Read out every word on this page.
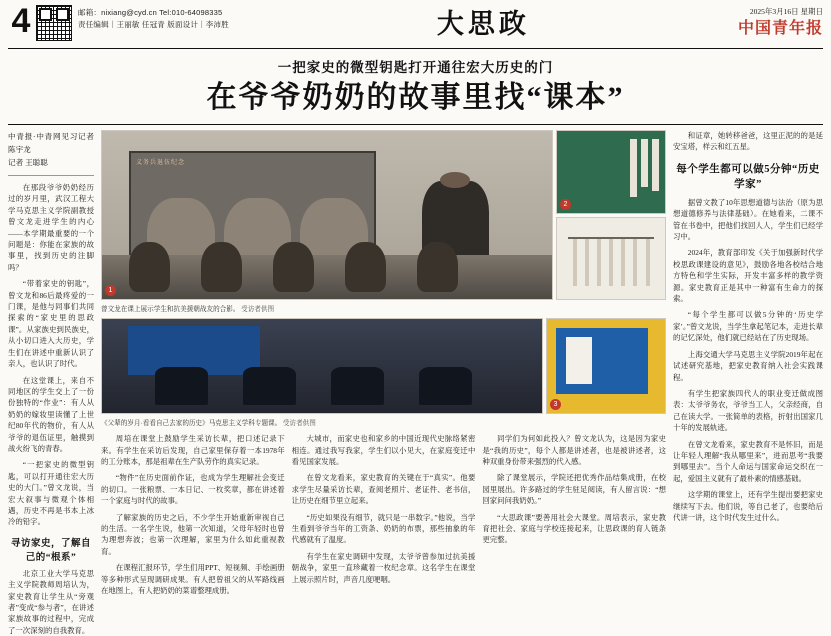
4	邮箱：nixiang@cyd.cn Tel:010-64098335
责任编辑｜王丽敏 任冠青 版面设计｜李沛胜	大思政	2025年3月16日 星期日
中国青年报
一把家史的微型钥匙打开通往宏大历史的门
在爷爷奶奶的故事里找“课本”
中青报·中青网见习记者 陈宇龙
记者 王聪聪

在那段爷爷奶奶经历过的岁月里，武汉工程大学马克思主义学院副教授曾文龙走进学生的内心——本学期最重要的一个问题是：你能在家族的故事里，找到历史的注脚吗？

“带着家史的钥匙”，曾文龙和86后最疼爱的一门课，是他与同事们共同探索的“家史里的思政课”。从家族史到民族史，从小切口进入大历史，学生们在讲述中重新认识了亲人，也认识了时代。

在这堂课上，来自不同地区的学生交上了一份份独特的“作业”：有人从奶奶的嫁妆里读懂了上世纪80年代的物价，有人从爷爷的退伍证里，触摸到战火纷飞的青春。

“一把家史的微型钥匙，可以打开通往宏大历史的大门。”曾文龙说，当宏大叙事与微观个体相遇，历史不再是书本上冰冷的铅字。

寻访家史，了解自己的“根系”

北京工业大学马克思主义学院教师周培认为，家史教育让学生从“旁观者”变成“参与者”，在讲述家族故事的过程中，完成了一次深刻的自我教育。

义务兵退伍纪念
1
2
曾文龙在课上展示学生和抗美援朝战友的合影。 受访者供图
3
《父辈的岁月·看看自己去家的历史》马克思主义学科专题课。 受访者供图

周培在课堂上鼓励学生采访长辈，把口述记录下来。有学生在采访后发现，自己家里保存着一本1978年的工分账本，那是祖辈在生产队劳作的真实记录。

“物件”在历史面前作证，也成为学生理解社会变迁的切口。一张粮票、一本日记、一枚奖章，都在讲述着一个家庭与时代的故事。

了解家族的历史之后，不少学生开始重新审视自己的生活。一名学生说，他第一次知道，父母年轻时也曾为理想奔波；也第一次理解，家里为什么如此重视教育。

在课程汇报环节，学生们用PPT、短视频、手绘画册等多种形式呈现调研成果。有人把曾祖父的从军路线画在地图上，有人把奶奶的菜谱整理成册。

大城市，而家史也和家乡的中国近现代史脉络紧密相连。通过我写我家，学生们以小见大，在家庭变迁中看见国家发展。

在曾文龙看来，家史教育的关键在于“真实”。他要求学生尽量采访长辈，查阅老照片、老证件、老书信，让历史在细节里立起来。

“历史如果没有细节，就只是一串数字。”他说，当学生看到爷爷当年的工资条、奶奶的布票，那些抽象的年代感就有了温度。

有学生在家史调研中发现，太爷爷曾参加过抗美援朝战争，家里一直珍藏着一枚纪念章。这名学生在课堂上展示照片时，声音几度哽咽。

同学们为何如此投入？曾文龙认为，这是因为家史是“我的历史”，每个人都是讲述者，也是被讲述者，这种双重身份带来强烈的代入感。

除了课堂展示，学院还把优秀作品结集成册，在校园里展出。许多路过的学生驻足阅读，有人留言说：“想回家问问我奶奶。”

“大思政课”要善用社会大课堂。周培表示，家史教育把社会、家庭与学校连接起来，让思政课的育人链条更完整。

和证章，她转移爸爸，这里正泥的的是延安宝塔，样云和红五星。

每个学生都可以做5分钟“历史学家”

据曾文教了10年思想道德与法治（原为思想道德修养与法律基础）。在她看来，二课不管在书卷中，把他们找回人人，学生们已经学习中。

2024年，教育部印发《关于加强新时代学校思政课建设的意见》，鼓励各地各校结合地方特色和学生实际，开发丰富多样的教学资源。家史教育正是其中一种富有生命力的探索。

“每个学生都可以做5分钟的‘历史学家’。”曾文龙说，当学生拿起笔记本，走进长辈的记忆深处，他们就已经站在了历史现场。

上海交通大学马克思主义学院2019年起在试述研究基地，把家史教育纳入社会实践课程。

有学生把家族四代人的职业变迁做成图表：太爷爷务农，爷爷当工人，父亲经商，自己在读大学。一张简单的表格，折射出国家几十年的发展轨迹。

在曾文龙看来，家史教育不是怀旧，而是让年轻人理解“我从哪里来”，进而思考“我要到哪里去”。当个人命运与国家命运交织在一起，爱国主义就有了最朴素的情感基础。

这学期的课堂上，还有学生提出要把家史继续写下去。他们说，等自己老了，也要给后代讲一讲，这个时代发生过什么。
